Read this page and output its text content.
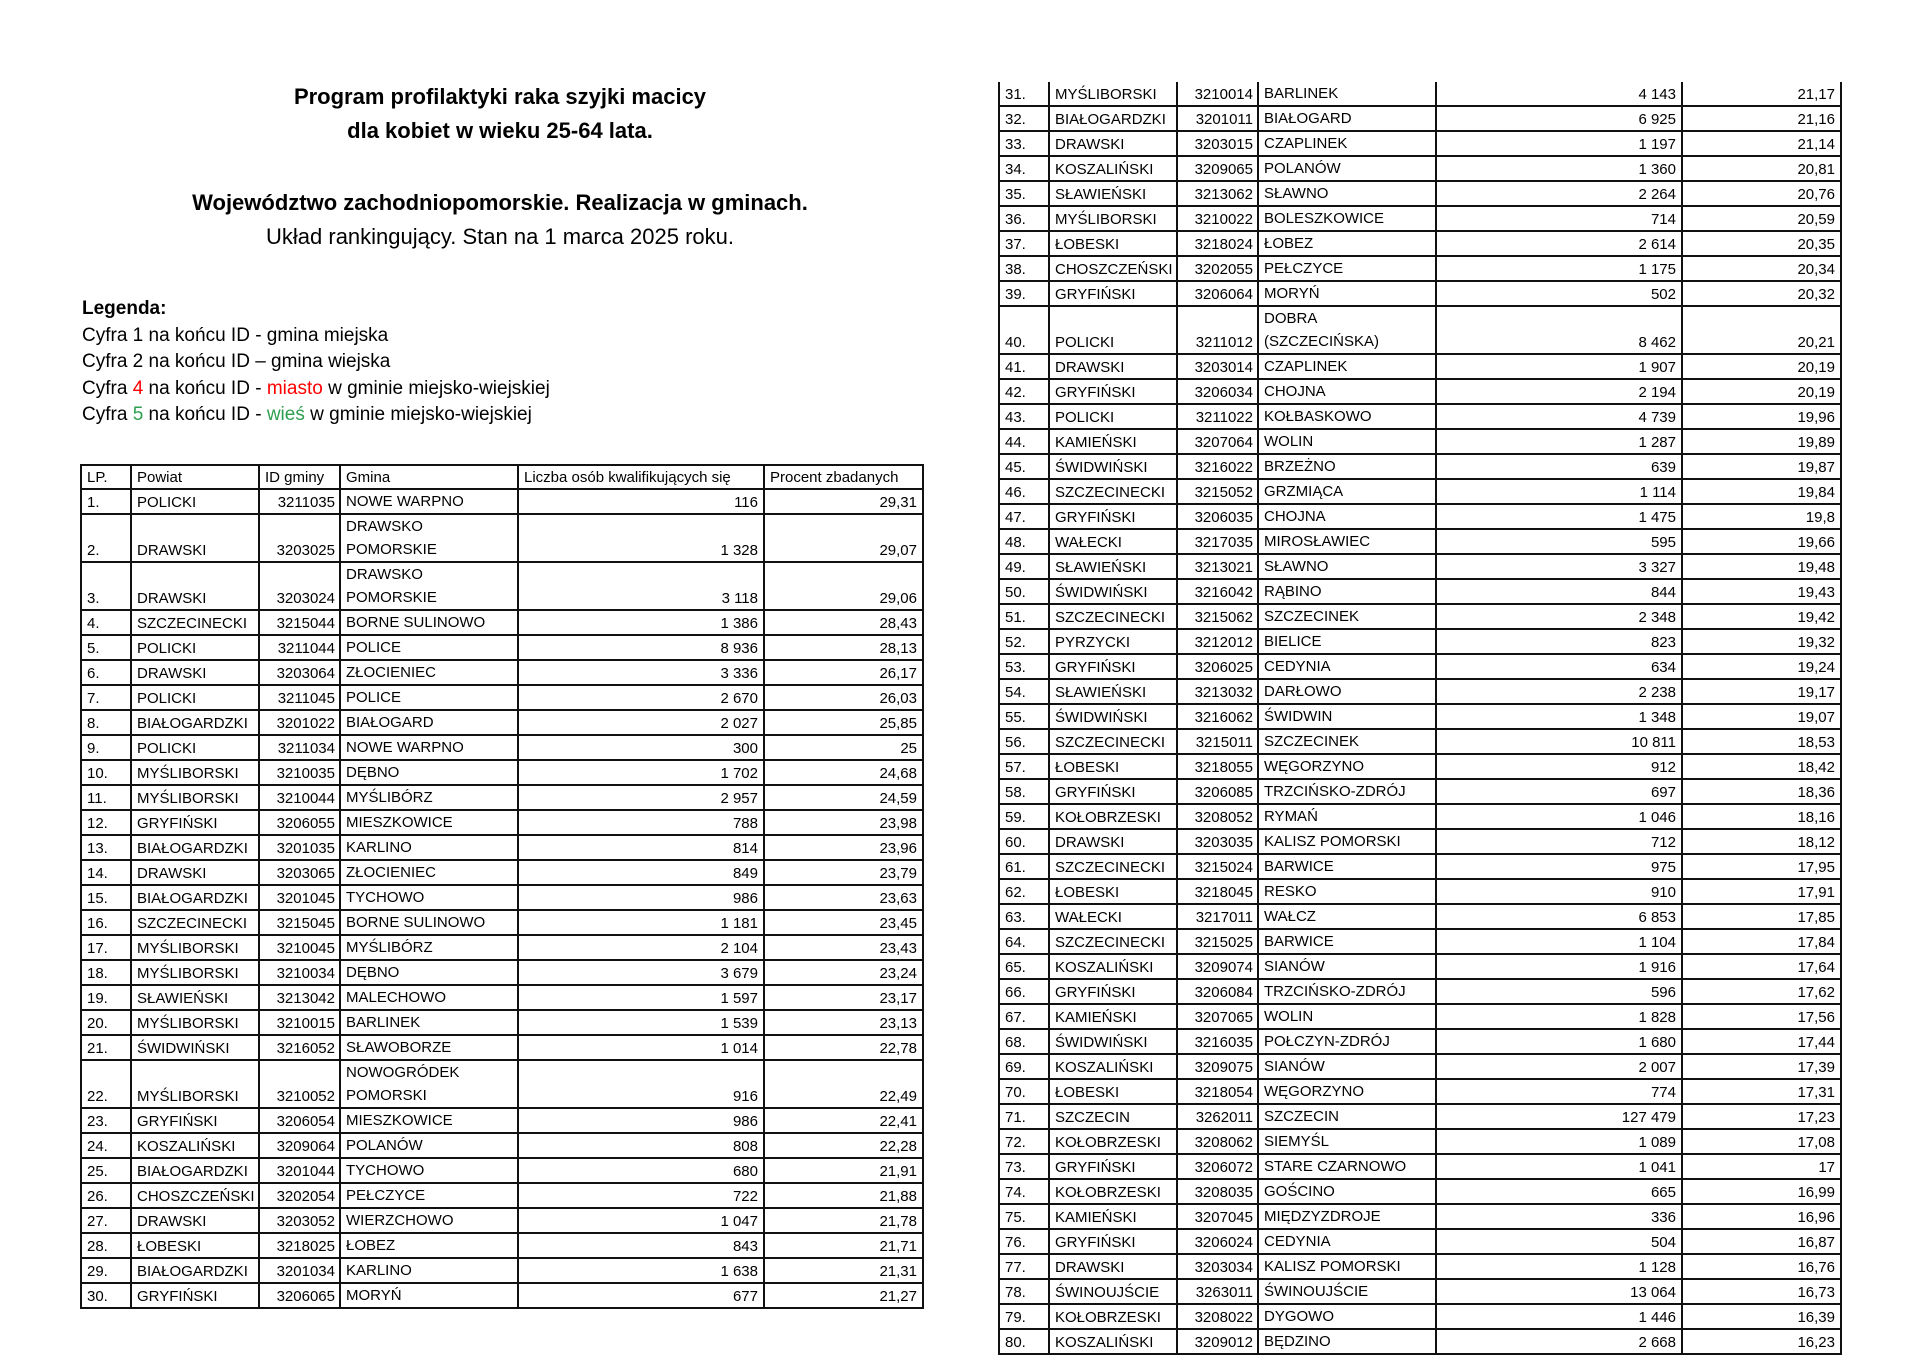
Program profilaktyki raka szyjki macicy
dla kobiet w wieku 25-64 lata.
Województwo zachodniopomorskie. Realizacja w gminach.
Układ rankingujący. Stan na 1 marca 2025 roku.
Legenda:
Cyfra 1 na końcu ID - gmina miejska
Cyfra 2 na końcu ID – gmina wiejska
Cyfra 4 na końcu ID - miasto w gminie miejsko-wiejskiej
Cyfra 5 na końcu ID - wieś w gminie miejsko-wiejskiej
LP.	Powiat	ID gminy	Gmina	Liczba osób kwalifikujących się	Procent zbadanych
1.	POLICKI	3211035	NOWE WARPNO	116	29,31
2.	DRAWSKI	3203025	DRAWSKO POMORSKIE	1 328	29,07
3.	DRAWSKI	3203024	DRAWSKO POMORSKIE	3 118	29,06
4.	SZCZECINECKI	3215044	BORNE SULINOWO	1 386	28,43
5.	POLICKI	3211044	POLICE	8 936	28,13
6.	DRAWSKI	3203064	ZŁOCIENIEC	3 336	26,17
7.	POLICKI	3211045	POLICE	2 670	26,03
8.	BIAŁOGARDZKI	3201022	BIAŁOGARD	2 027	25,85
9.	POLICKI	3211034	NOWE WARPNO	300	25
10.	MYŚLIBORSKI	3210035	DĘBNO	1 702	24,68
11.	MYŚLIBORSKI	3210044	MYŚLIBÓRZ	2 957	24,59
12.	GRYFIŃSKI	3206055	MIESZKOWICE	788	23,98
13.	BIAŁOGARDZKI	3201035	KARLINO	814	23,96
14.	DRAWSKI	3203065	ZŁOCIENIEC	849	23,79
15.	BIAŁOGARDZKI	3201045	TYCHOWO	986	23,63
16.	SZCZECINECKI	3215045	BORNE SULINOWO	1 181	23,45
17.	MYŚLIBORSKI	3210045	MYŚLIBÓRZ	2 104	23,43
18.	MYŚLIBORSKI	3210034	DĘBNO	3 679	23,24
19.	SŁAWIEŃSKI	3213042	MALECHOWO	1 597	23,17
20.	MYŚLIBORSKI	3210015	BARLINEK	1 539	23,13
21.	ŚWIDWIŃSKI	3216052	SŁAWOBORZE	1 014	22,78
22.	MYŚLIBORSKI	3210052	NOWOGRÓDEK POMORSKI	916	22,49
23.	GRYFIŃSKI	3206054	MIESZKOWICE	986	22,41
24.	KOSZALIŃSKI	3209064	POLANÓW	808	22,28
25.	BIAŁOGARDZKI	3201044	TYCHOWO	680	21,91
26.	CHOSZCZEŃSKI	3202054	PEŁCZYCE	722	21,88
27.	DRAWSKI	3203052	WIERZCHOWO	1 047	21,78
28.	ŁOBESKI	3218025	ŁOBEZ	843	21,71
29.	BIAŁOGARDZKI	3201034	KARLINO	1 638	21,31
30.	GRYFIŃSKI	3206065	MORYŃ	677	21,27
31.	MYŚLIBORSKI	3210014	BARLINEK	4 143	21,17
32.	BIAŁOGARDZKI	3201011	BIAŁOGARD	6 925	21,16
33.	DRAWSKI	3203015	CZAPLINEK	1 197	21,14
34.	KOSZALIŃSKI	3209065	POLANÓW	1 360	20,81
35.	SŁAWIEŃSKI	3213062	SŁAWNO	2 264	20,76
36.	MYŚLIBORSKI	3210022	BOLESZKOWICE	714	20,59
37.	ŁOBESKI	3218024	ŁOBEZ	2 614	20,35
38.	CHOSZCZEŃSKI	3202055	PEŁCZYCE	1 175	20,34
39.	GRYFIŃSKI	3206064	MORYŃ	502	20,32
40.	POLICKI	3211012	DOBRA (SZCZECIŃSKA)	8 462	20,21
41.	DRAWSKI	3203014	CZAPLINEK	1 907	20,19
42.	GRYFIŃSKI	3206034	CHOJNA	2 194	20,19
43.	POLICKI	3211022	KOŁBASKOWO	4 739	19,96
44.	KAMIEŃSKI	3207064	WOLIN	1 287	19,89
45.	ŚWIDWIŃSKI	3216022	BRZEŻNO	639	19,87
46.	SZCZECINECKI	3215052	GRZMIĄCA	1 114	19,84
47.	GRYFIŃSKI	3206035	CHOJNA	1 475	19,8
48.	WAŁECKI	3217035	MIROSŁAWIEC	595	19,66
49.	SŁAWIEŃSKI	3213021	SŁAWNO	3 327	19,48
50.	ŚWIDWIŃSKI	3216042	RĄBINO	844	19,43
51.	SZCZECINECKI	3215062	SZCZECINEK	2 348	19,42
52.	PYRZYCKI	3212012	BIELICE	823	19,32
53.	GRYFIŃSKI	3206025	CEDYNIA	634	19,24
54.	SŁAWIEŃSKI	3213032	DARŁOWO	2 238	19,17
55.	ŚWIDWIŃSKI	3216062	ŚWIDWIN	1 348	19,07
56.	SZCZECINECKI	3215011	SZCZECINEK	10 811	18,53
57.	ŁOBESKI	3218055	WĘGORZYNO	912	18,42
58.	GRYFIŃSKI	3206085	TRZCIŃSKO-ZDRÓJ	697	18,36
59.	KOŁOBRZESKI	3208052	RYMAŃ	1 046	18,16
60.	DRAWSKI	3203035	KALISZ POMORSKI	712	18,12
61.	SZCZECINECKI	3215024	BARWICE	975	17,95
62.	ŁOBESKI	3218045	RESKO	910	17,91
63.	WAŁECKI	3217011	WAŁCZ	6 853	17,85
64.	SZCZECINECKI	3215025	BARWICE	1 104	17,84
65.	KOSZALIŃSKI	3209074	SIANÓW	1 916	17,64
66.	GRYFIŃSKI	3206084	TRZCIŃSKO-ZDRÓJ	596	17,62
67.	KAMIEŃSKI	3207065	WOLIN	1 828	17,56
68.	ŚWIDWIŃSKI	3216035	POŁCZYN-ZDRÓJ	1 680	17,44
69.	KOSZALIŃSKI	3209075	SIANÓW	2 007	17,39
70.	ŁOBESKI	3218054	WĘGORZYNO	774	17,31
71.	SZCZECIN	3262011	SZCZECIN	127 479	17,23
72.	KOŁOBRZESKI	3208062	SIEMYŚL	1 089	17,08
73.	GRYFIŃSKI	3206072	STARE CZARNOWO	1 041	17
74.	KOŁOBRZESKI	3208035	GOŚCINO	665	16,99
75.	KAMIEŃSKI	3207045	MIĘDZYZDROJE	336	16,96
76.	GRYFIŃSKI	3206024	CEDYNIA	504	16,87
77.	DRAWSKI	3203034	KALISZ POMORSKI	1 128	16,76
78.	ŚWINOUJŚCIE	3263011	ŚWINOUJŚCIE	13 064	16,73
79.	KOŁOBRZESKI	3208022	DYGOWO	1 446	16,39
80.	KOSZALIŃSKI	3209012	BĘDZINO	2 668	16,23
